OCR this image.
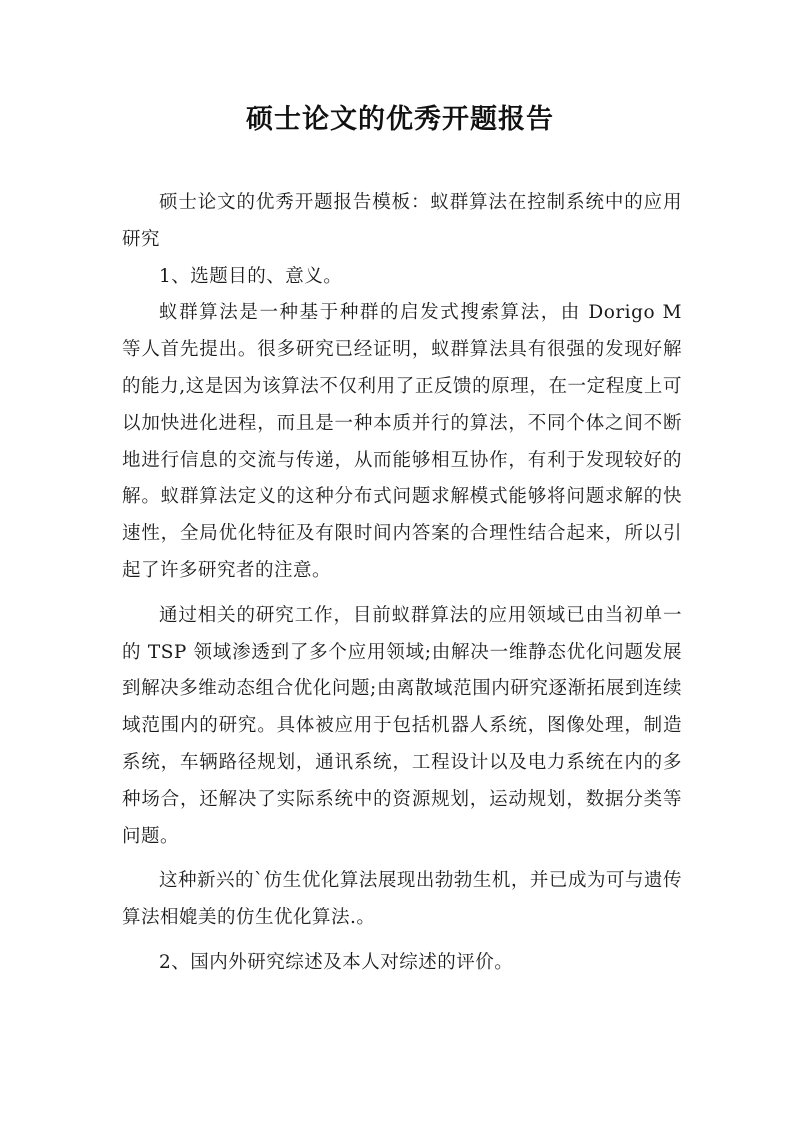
硕士论文的优秀开题报告

硕士论文的优秀开题报告模板：蚁群算法在控制系统中的应用研究

1、选题目的、意义。

蚁群算法是一种基于种群的启发式搜索算法，由 Dorigo M 等人首先提出。很多研究已经证明，蚁群算法具有很强的发现好解的能力,这是因为该算法不仅利用了正反馈的原理，在一定程度上可以加快进化进程，而且是一种本质并行的算法，不同个体之间不断地进行信息的交流与传递，从而能够相互协作，有利于发现较好的解。蚁群算法定义的这种分布式问题求解模式能够将问题求解的快速性，全局优化特征及有限时间内答案的合理性结合起来，所以引起了许多研究者的注意。

通过相关的研究工作，目前蚁群算法的应用领域已由当初单一的 TSP 领域渗透到了多个应用领域;由解决一维静态优化问题发展到解决多维动态组合优化问题;由离散域范围内研究逐渐拓展到连续域范围内的研究。具体被应用于包括机器人系统，图像处理，制造系统，车辆路径规划，通讯系统，工程设计以及电力系统在内的多种场合，还解决了实际系统中的资源规划，运动规划，数据分类等问题。

这种新兴的`仿生优化算法展现出勃勃生机，并已成为可与遗传算法相媲美的仿生优化算法.。

2、国内外研究综述及本人对综述的评价。
